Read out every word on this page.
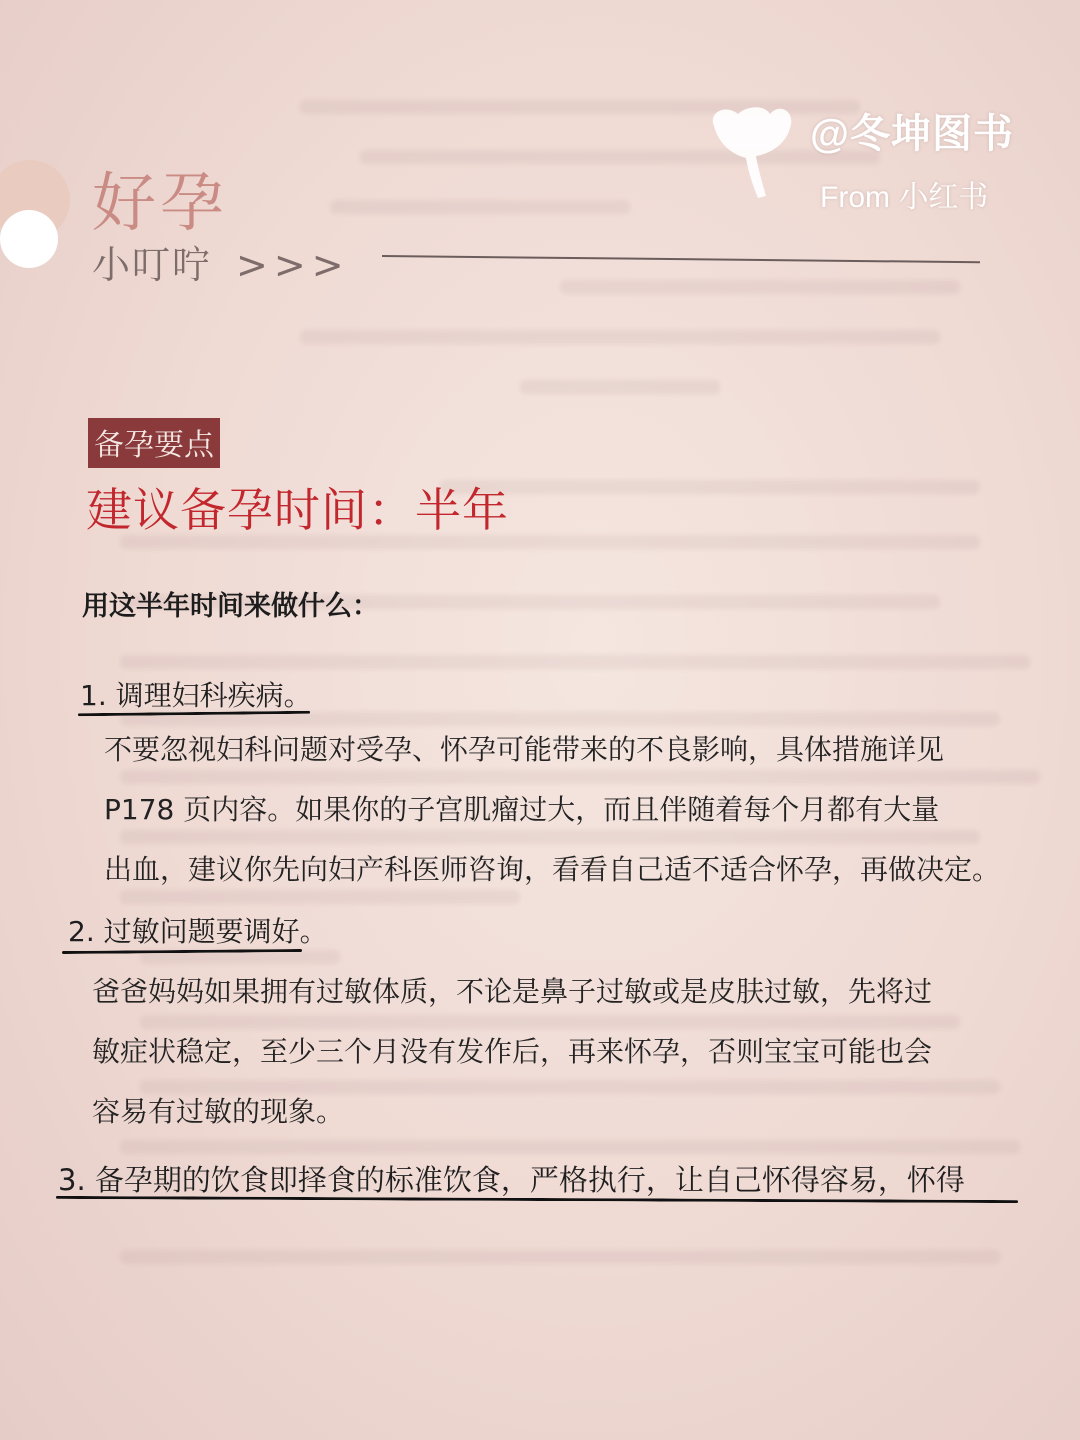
好孕
小叮咛 >>>
@冬坤图书
From 小红书
备孕要点
建议备孕时间：半年
用这半年时间来做什么：
1. 调理妇科疾病。
不要忽视妇科问题对受孕、怀孕可能带来的不良影响，具体措施详见
P178 页内容。如果你的子宫肌瘤过大，而且伴随着每个月都有大量
出血，建议你先向妇产科医师咨询，看看自己适不适合怀孕，再做决定。
2. 过敏问题要调好。
爸爸妈妈如果拥有过敏体质，不论是鼻子过敏或是皮肤过敏，先将过
敏症状稳定，至少三个月没有发作后，再来怀孕，否则宝宝可能也会
容易有过敏的现象。
3. 备孕期的饮食即择食的标准饮食，严格执行，让自己怀得容易，怀得
